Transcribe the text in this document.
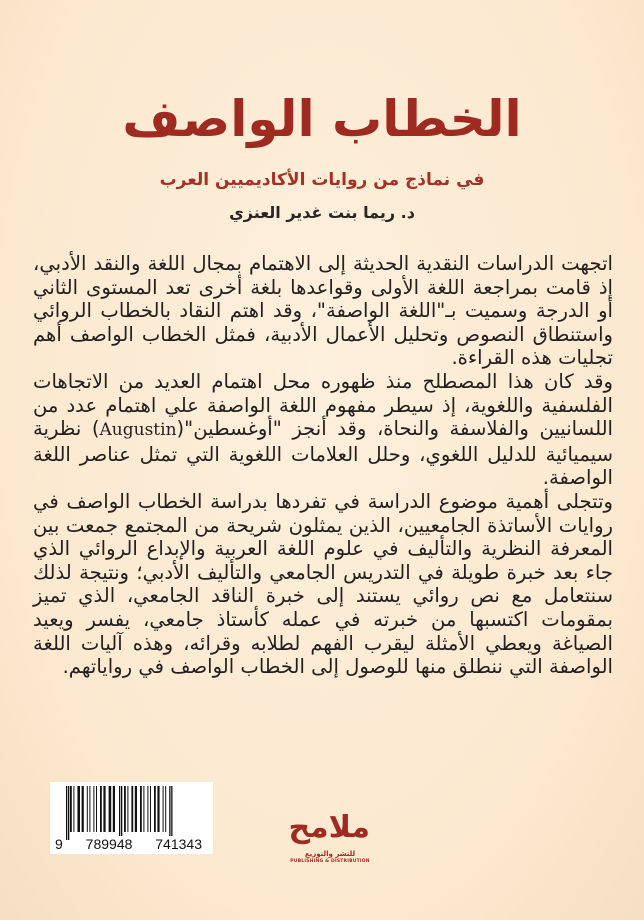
الخطاب الواصف
في نماذج من روايات الأكاديميين العرب
د. ريما بنت غدير العنزي

اتجهت الدراسات النقدية الحديثة إلى الاهتمام بمجال اللغة والنقد الأدبي، إذ قامت بمراجعة اللغة الأولى وقواعدها بلغة أخرى تعد المستوى الثاني أو الدرجة وسميت بـ"اللغة الواصفة"، وقد اهتم النقاد بالخطاب الروائي واستنطاق النصوص وتحليل الأعمال الأدبية، فمثل الخطاب الواصف أهم تجليات هذه القراءة.

وقد كان هذا المصطلح منذ ظهوره محل اهتمام العديد من الاتجاهات الفلسفية واللغوية، إذ سيطر مفهوم اللغة الواصفة علي اهتمام عدد من اللسانيين والفلاسفة والنحاة، وقد أنجز "أوغسطين"(Augustin) نظرية سيميائية للدليل اللغوي، وحلل العلامات اللغوية التي تمثل عناصر اللغة الواصفة.

وتتجلى أهمية موضوع الدراسة في تفردها بدراسة الخطاب الواصف في روايات الأساتذة الجامعيين، الذين يمثلون شريحة من المجتمع جمعت بين المعرفة النظرية والتأليف في علوم اللغة العربية والإبداع الروائي الذي جاء بعد خبرة طويلة في التدريس الجامعي والتأليف الأدبي؛ ونتيجة لذلك سنتعامل مع نص روائي يستند إلى خبرة الناقد الجامعي، الذي تميز بمقومات اكتسبها من خبرته في عمله كأستاذ جامعي، يفسر ويعيد الصياغة ويعطي الأمثلة ليقرب الفهم لطلابه وقرائه، وهذه آليات اللغة الواصفة التي ننطلق منها للوصول إلى الخطاب الواصف في رواياتهم.

9 789948 741343	ملامح
للنشر والتوزيع
PUBLISHING & DISTRIBUTION
